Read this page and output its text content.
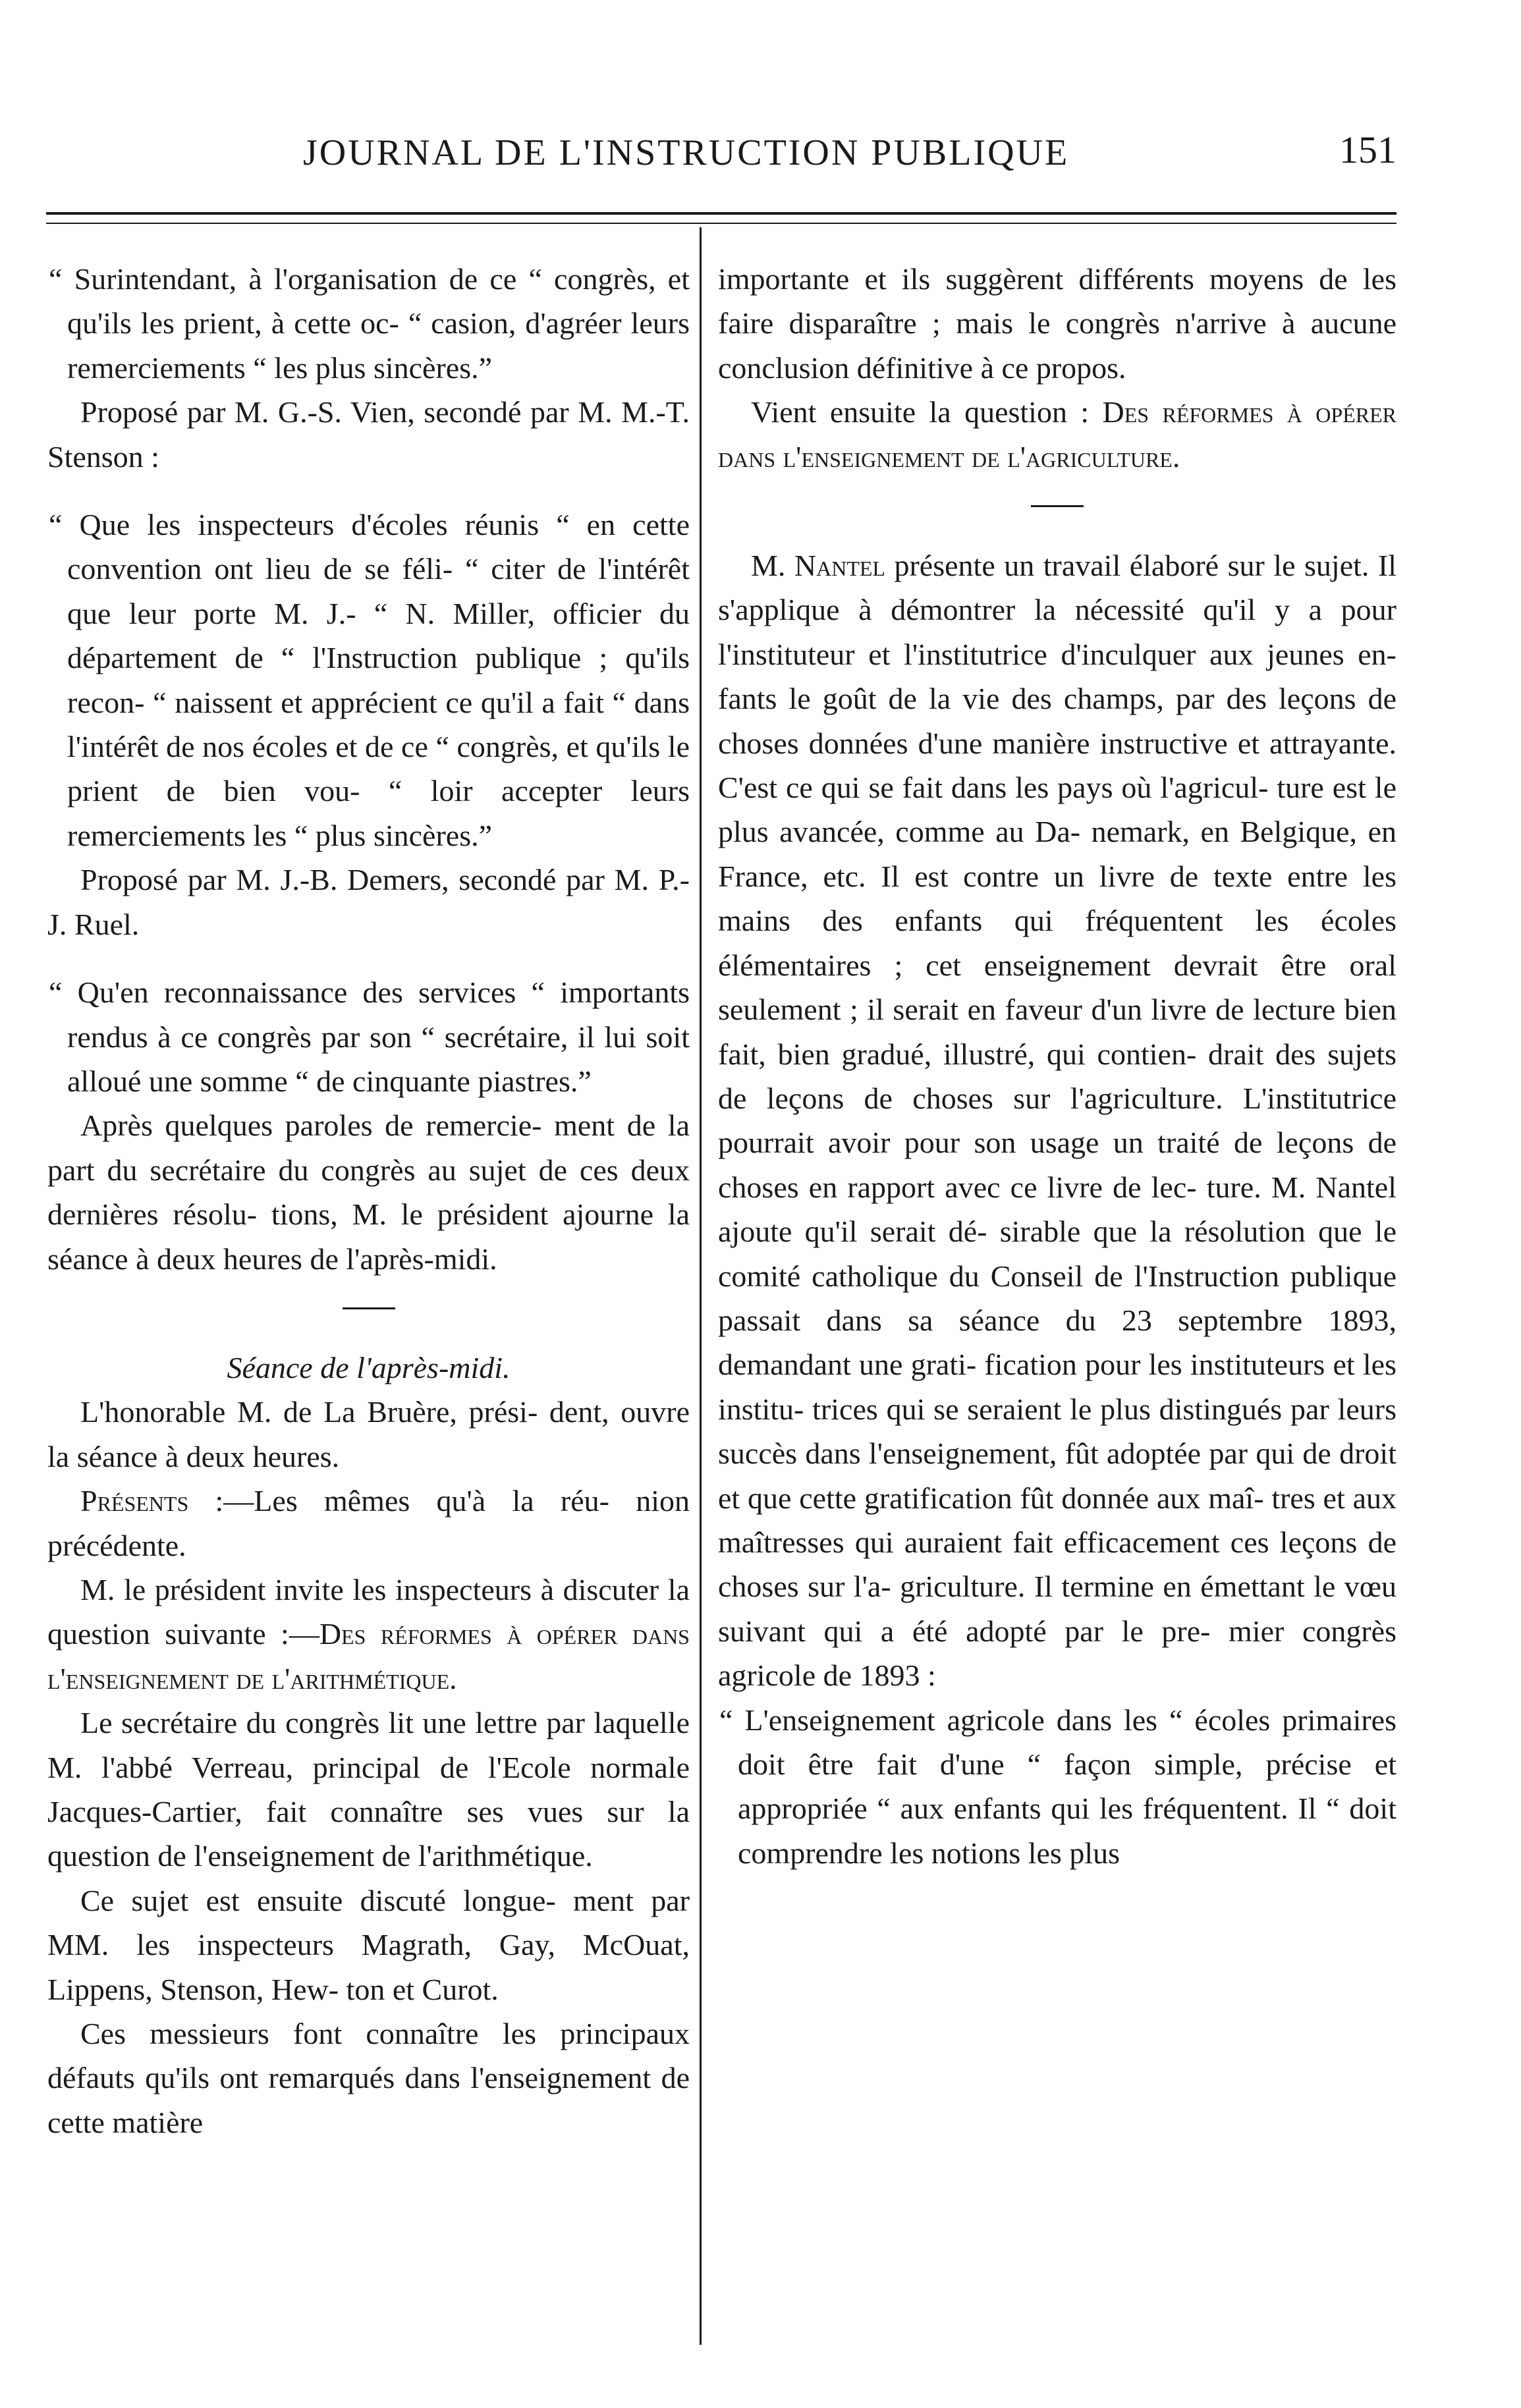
JOURNAL DE L'INSTRUCTION PUBLIQUE	151

“ Surintendant, à l'organisation de ce “ congrès, et qu'ils les prient, à cette oc- “ casion, d'agréer leurs remerciements “ les plus sincères.”

Proposé par M. G.-S. Vien, secondé par M. M.-T. Stenson :

“ Que les inspecteurs d'écoles réunis “ en cette convention ont lieu de se féli- “ citer de l'intérêt que leur porte M. J.- “ N. Miller, officier du département de “ l'Instruction publique ; qu'ils recon- “ naissent et apprécient ce qu'il a fait “ dans l'intérêt de nos écoles et de ce “ congrès, et qu'ils le prient de bien vou- “ loir accepter leurs remerciements les “ plus sincères.”

Proposé par M. J.-B. Demers, secondé par M. P.-J. Ruel.

“ Qu'en reconnaissance des services “ importants rendus à ce congrès par son “ secrétaire, il lui soit alloué une somme “ de cinquante piastres.”

Après quelques paroles de remercie- ment de la part du secrétaire du congrès au sujet de ces deux dernières résolu- tions, M. le président ajourne la séance à deux heures de l'après-midi.

Séance de l'après-midi.

L'honorable M. de La Bruère, prési- dent, ouvre la séance à deux heures.

Présents :—Les mêmes qu'à la réu- nion précédente.

M. le président invite les inspecteurs à discuter la question suivante :—Des réformes à opérer dans l'enseignement de l'arithmétique.

Le secrétaire du congrès lit une lettre par laquelle M. l'abbé Verreau, principal de l'Ecole normale Jacques-Cartier, fait connaître ses vues sur la question de l'enseignement de l'arithmétique.

Ce sujet est ensuite discuté longue- ment par MM. les inspecteurs Magrath, Gay, McOuat, Lippens, Stenson, Hew- ton et Curot.

Ces messieurs font connaître les principaux défauts qu'ils ont remarqués dans l'enseignement de cette matière

importante et ils suggèrent différents moyens de les faire disparaître ; mais le congrès n'arrive à aucune conclusion définitive à ce propos.

Vient ensuite la question : Des réformes à opérer dans l'enseignement de l'agriculture.

M. Nantel présente un travail élaboré sur le sujet. Il s'applique à démontrer la nécessité qu'il y a pour l'instituteur et l'institutrice d'inculquer aux jeunes en- fants le goût de la vie des champs, par des leçons de choses données d'une manière instructive et attrayante. C'est ce qui se fait dans les pays où l'agricul- ture est le plus avancée, comme au Da- nemark, en Belgique, en France, etc. Il est contre un livre de texte entre les mains des enfants qui fréquentent les écoles élémentaires ; cet enseignement devrait être oral seulement ; il serait en faveur d'un livre de lecture bien fait, bien gradué, illustré, qui contien- drait des sujets de leçons de choses sur l'agriculture. L'institutrice pourrait avoir pour son usage un traité de leçons de choses en rapport avec ce livre de lec- ture. M. Nantel ajoute qu'il serait dé- sirable que la résolution que le comité catholique du Conseil de l'Instruction publique passait dans sa séance du 23 septembre 1893, demandant une grati- fication pour les instituteurs et les institu- trices qui se seraient le plus distingués par leurs succès dans l'enseignement, fût adoptée par qui de droit et que cette gratification fût donnée aux maî- tres et aux maîtresses qui auraient fait efficacement ces leçons de choses sur l'a- griculture. Il termine en émettant le vœu suivant qui a été adopté par le pre- mier congrès agricole de 1893 :

“ L'enseignement agricole dans les “ écoles primaires doit être fait d'une “ façon simple, précise et appropriée “ aux enfants qui les fréquentent. Il “ doit comprendre les notions les plus
